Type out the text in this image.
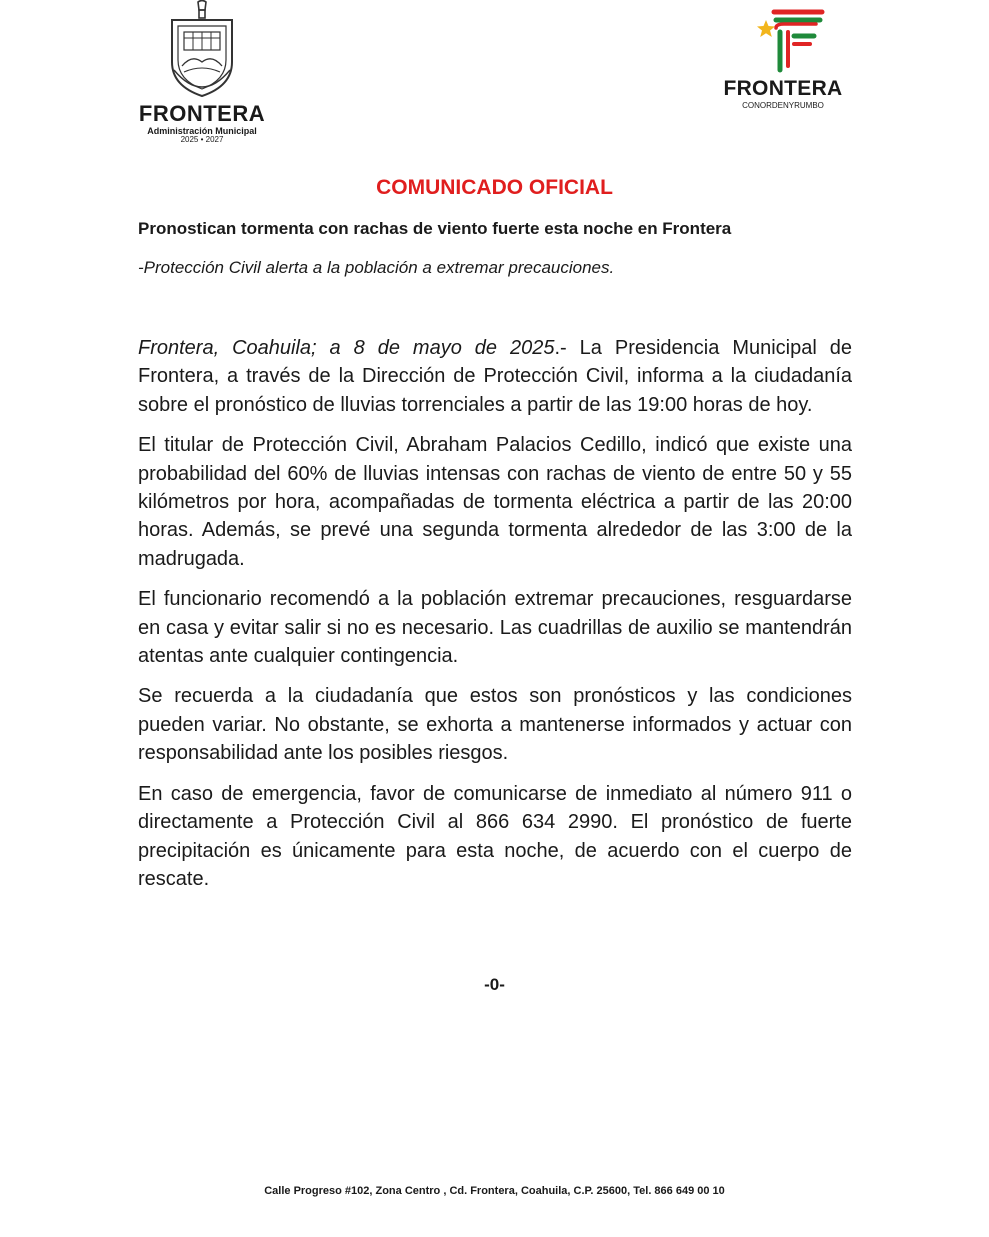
FRONTERA
Administración Municipal
2025 • 2027
FRONTERA
CONORDENYRUMBO
COMUNICADO OFICIAL
Pronostican tormenta con rachas de viento fuerte esta noche en Frontera
-Protección Civil alerta a la población a extremar precauciones.

Frontera, Coahuila; a 8 de mayo de 2025.- La Presidencia Municipal de Frontera, a través de la Dirección de Protección Civil, informa a la ciudadanía sobre el pronóstico de lluvias torrenciales a partir de las 19:00 horas de hoy.

El titular de Protección Civil, Abraham Palacios Cedillo, indicó que existe una probabilidad del 60% de lluvias intensas con rachas de viento de entre 50 y 55 kilómetros por hora, acompañadas de tormenta eléctrica a partir de las 20:00 horas. Además, se prevé una segunda tormenta alrededor de las 3:00 de la madrugada.

El funcionario recomendó a la población extremar precauciones, resguardarse en casa y evitar salir si no es necesario. Las cuadrillas de auxilio se mantendrán atentas ante cualquier contingencia.

Se recuerda a la ciudadanía que estos son pronósticos y las condiciones pueden variar. No obstante, se exhorta a mantenerse informados y actuar con responsabilidad ante los posibles riesgos.

En caso de emergencia, favor de comunicarse de inmediato al número 911 o directamente a Protección Civil al 866 634 2990. El pronóstico de fuerte precipitación es únicamente para esta noche, de acuerdo con el cuerpo de rescate.

-0-
Calle Progreso #102, Zona Centro , Cd. Frontera, Coahuila, C.P. 25600, Tel. 866 649 00 10
